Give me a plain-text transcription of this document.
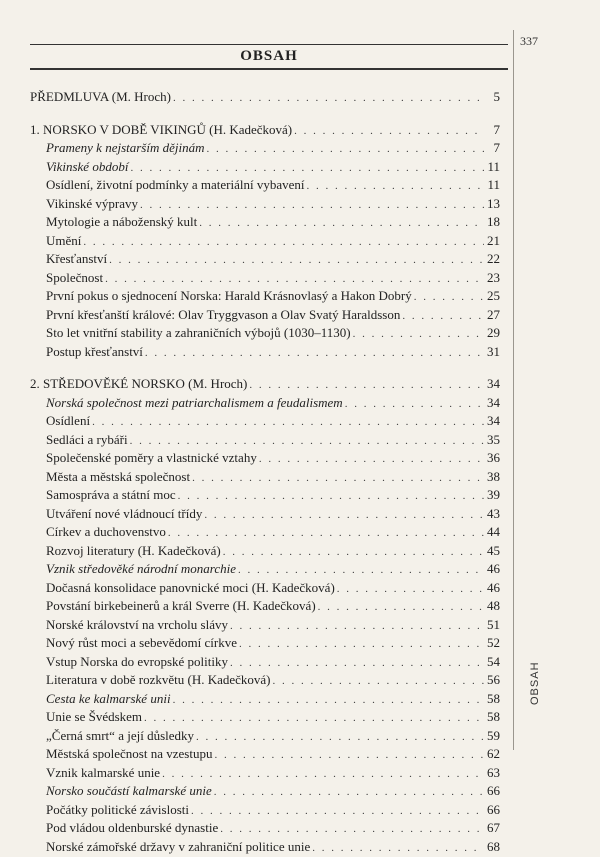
337
OBSAH
OBSAH
PŘEDMLUVA (M. Hroch) . . .	5
1. NORSKO V DOBĚ VIKINGŮ (H. Kadečková) . . .	7
Prameny k nejstarším dějinám . . .	7
Vikinské období . . .	11
Osídlení, životní podmínky a materiální vybavení . . .	11
Vikinské výpravy . . .	13
Mytologie a náboženský kult . . .	18
Umění . . .	21
Křesťanství . . .	22
Společnost . . .	23
První pokus o sjednocení Norska: Harald Krásnovlasý a Hakon Dobrý . . .	25
První křesťanští králové: Olav Tryggvason a Olav Svatý Haraldsson . . .	27
Sto let vnitřní stability a zahraničních výbojů (1030–1130) . . .	29
Postup křesťanství . . .	31
2. STŘEDOVĚKÉ NORSKO (M. Hroch) . . .	34
Norská společnost mezi patriarchalismem a feudalismem . . .	34
Osídlení . . .	34
Sedláci a rybáři . . .	35
Společenské poměry a vlastnické vztahy . . .	36
Města a městská společnost . . .	38
Samospráva a státní moc . . .	39
Utváření nové vládnoucí třídy . . .	43
Církev a duchovenstvo . . .	44
Rozvoj literatury (H. Kadečková) . . .	45
Vznik středověké národní monarchie . . .	46
Dočasná konsolidace panovnické moci (H. Kadečková) . . .	46
Povstání birkebeinerů a král Sverre (H. Kadečková) . . .	48
Norské království na vrcholu slávy . . .	51
Nový růst moci a sebevědomí církve . . .	52
Vstup Norska do evropské politiky . . .	54
Literatura v době rozkvětu (H. Kadečková) . . .	56
Cesta ke kalmarské unii . . .	58
Unie se Švédskem . . .	58
„Černá smrt“ a její důsledky . . .	59
Městská společnost na vzestupu . . .	62
Vznik kalmarské unie . . .	63
Norsko součástí kalmarské unie . . .	66
Počátky politické závislosti . . .	66
Pod vládou oldenburské dynastie . . .	67
Norské zámořské državy v zahraniční politice unie . . .	68
